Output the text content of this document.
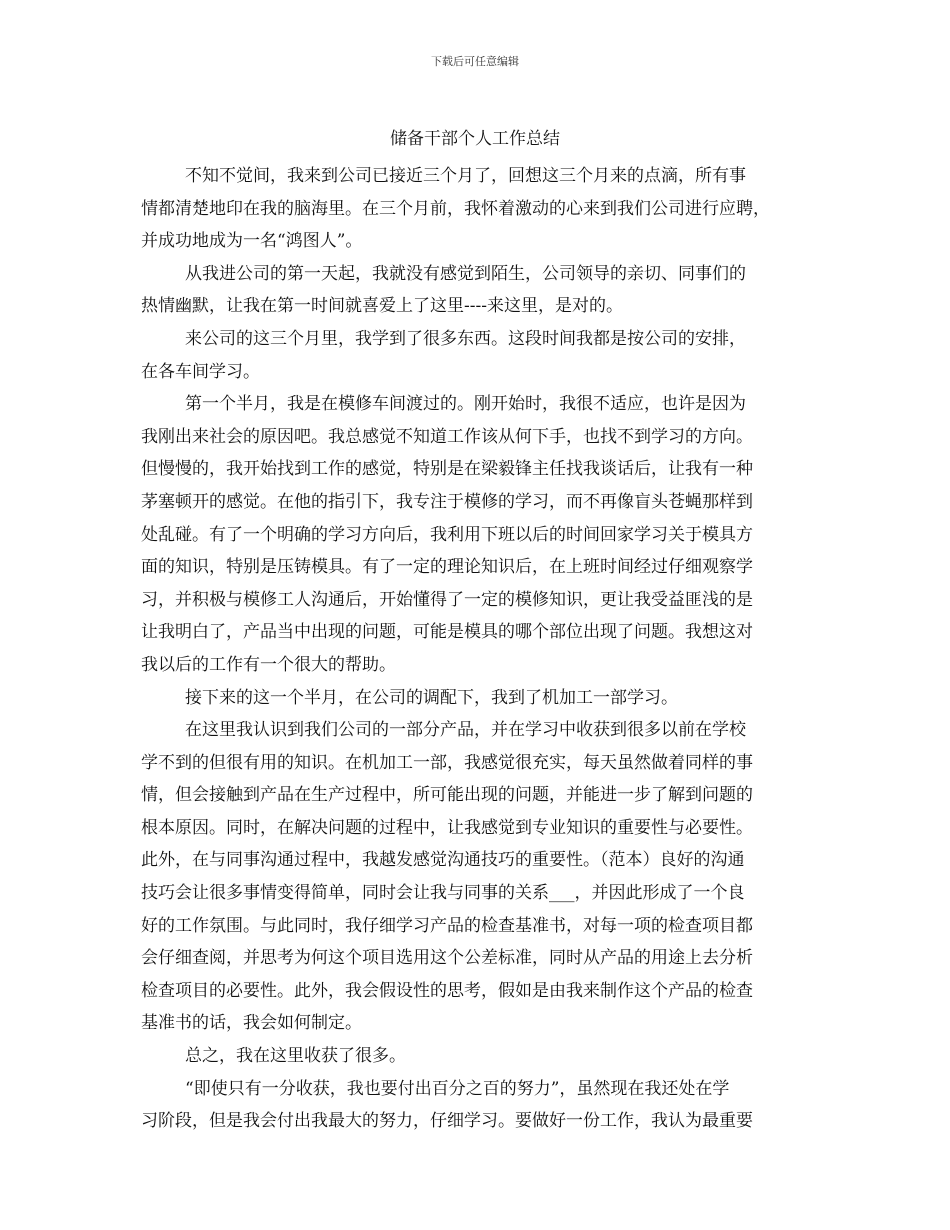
下载后可任意编辑
储备干部个人工作总结
不知不觉间，我来到公司已接近三个月了，回想这三个月来的点滴，所有事
情都清楚地印在我的脑海里。在三个月前，我怀着激动的心来到我们公司进行应聘，
并成功地成为一名“鸿图人”。
从我进公司的第一天起，我就没有感觉到陌生，公司领导的亲切、同事们的
热情幽默，让我在第一时间就喜爱上了这里----来这里，是对的。
来公司的这三个月里，我学到了很多东西。这段时间我都是按公司的安排，
在各车间学习。
第一个半月，我是在模修车间渡过的。刚开始时，我很不适应，也许是因为
我刚出来社会的原因吧。我总感觉不知道工作该从何下手，也找不到学习的方向。
但慢慢的，我开始找到工作的感觉，特别是在梁毅锋主任找我谈话后，让我有一种
茅塞顿开的感觉。在他的指引下，我专注于模修的学习，而不再像盲头苍蝇那样到
处乱碰。有了一个明确的学习方向后，我利用下班以后的时间回家学习关于模具方
面的知识，特别是压铸模具。有了一定的理论知识后，在上班时间经过仔细观察学
习，并积极与模修工人沟通后，开始懂得了一定的模修知识，更让我受益匪浅的是
让我明白了，产品当中出现的问题，可能是模具的哪个部位出现了问题。我想这对
我以后的工作有一个很大的帮助。
接下来的这一个半月，在公司的调配下，我到了机加工一部学习。
在这里我认识到我们公司的一部分产品，并在学习中收获到很多以前在学校
学不到的但很有用的知识。在机加工一部，我感觉很充实，每天虽然做着同样的事
情，但会接触到产品在生产过程中，所可能出现的问题，并能进一步了解到问题的
根本原因。同时，在解决问题的过程中，让我感觉到专业知识的重要性与必要性。
此外，在与同事沟通过程中，我越发感觉沟通技巧的重要性。（范本）良好的沟通
技巧会让很多事情变得简单，同时会让我与同事的关系___，并因此形成了一个良
好的工作氛围。与此同时，我仔细学习产品的检查基准书，对每一项的检查项目都
会仔细查阅，并思考为何这个项目选用这个公差标准，同时从产品的用途上去分析
检查项目的必要性。此外，我会假设性的思考，假如是由我来制作这个产品的检查
基准书的话，我会如何制定。
总之，我在这里收获了很多。
“即使只有一分收获，我也要付出百分之百的努力”，虽然现在我还处在学
习阶段，但是我会付出我最大的努力，仔细学习。要做好一份工作，我认为最重要
